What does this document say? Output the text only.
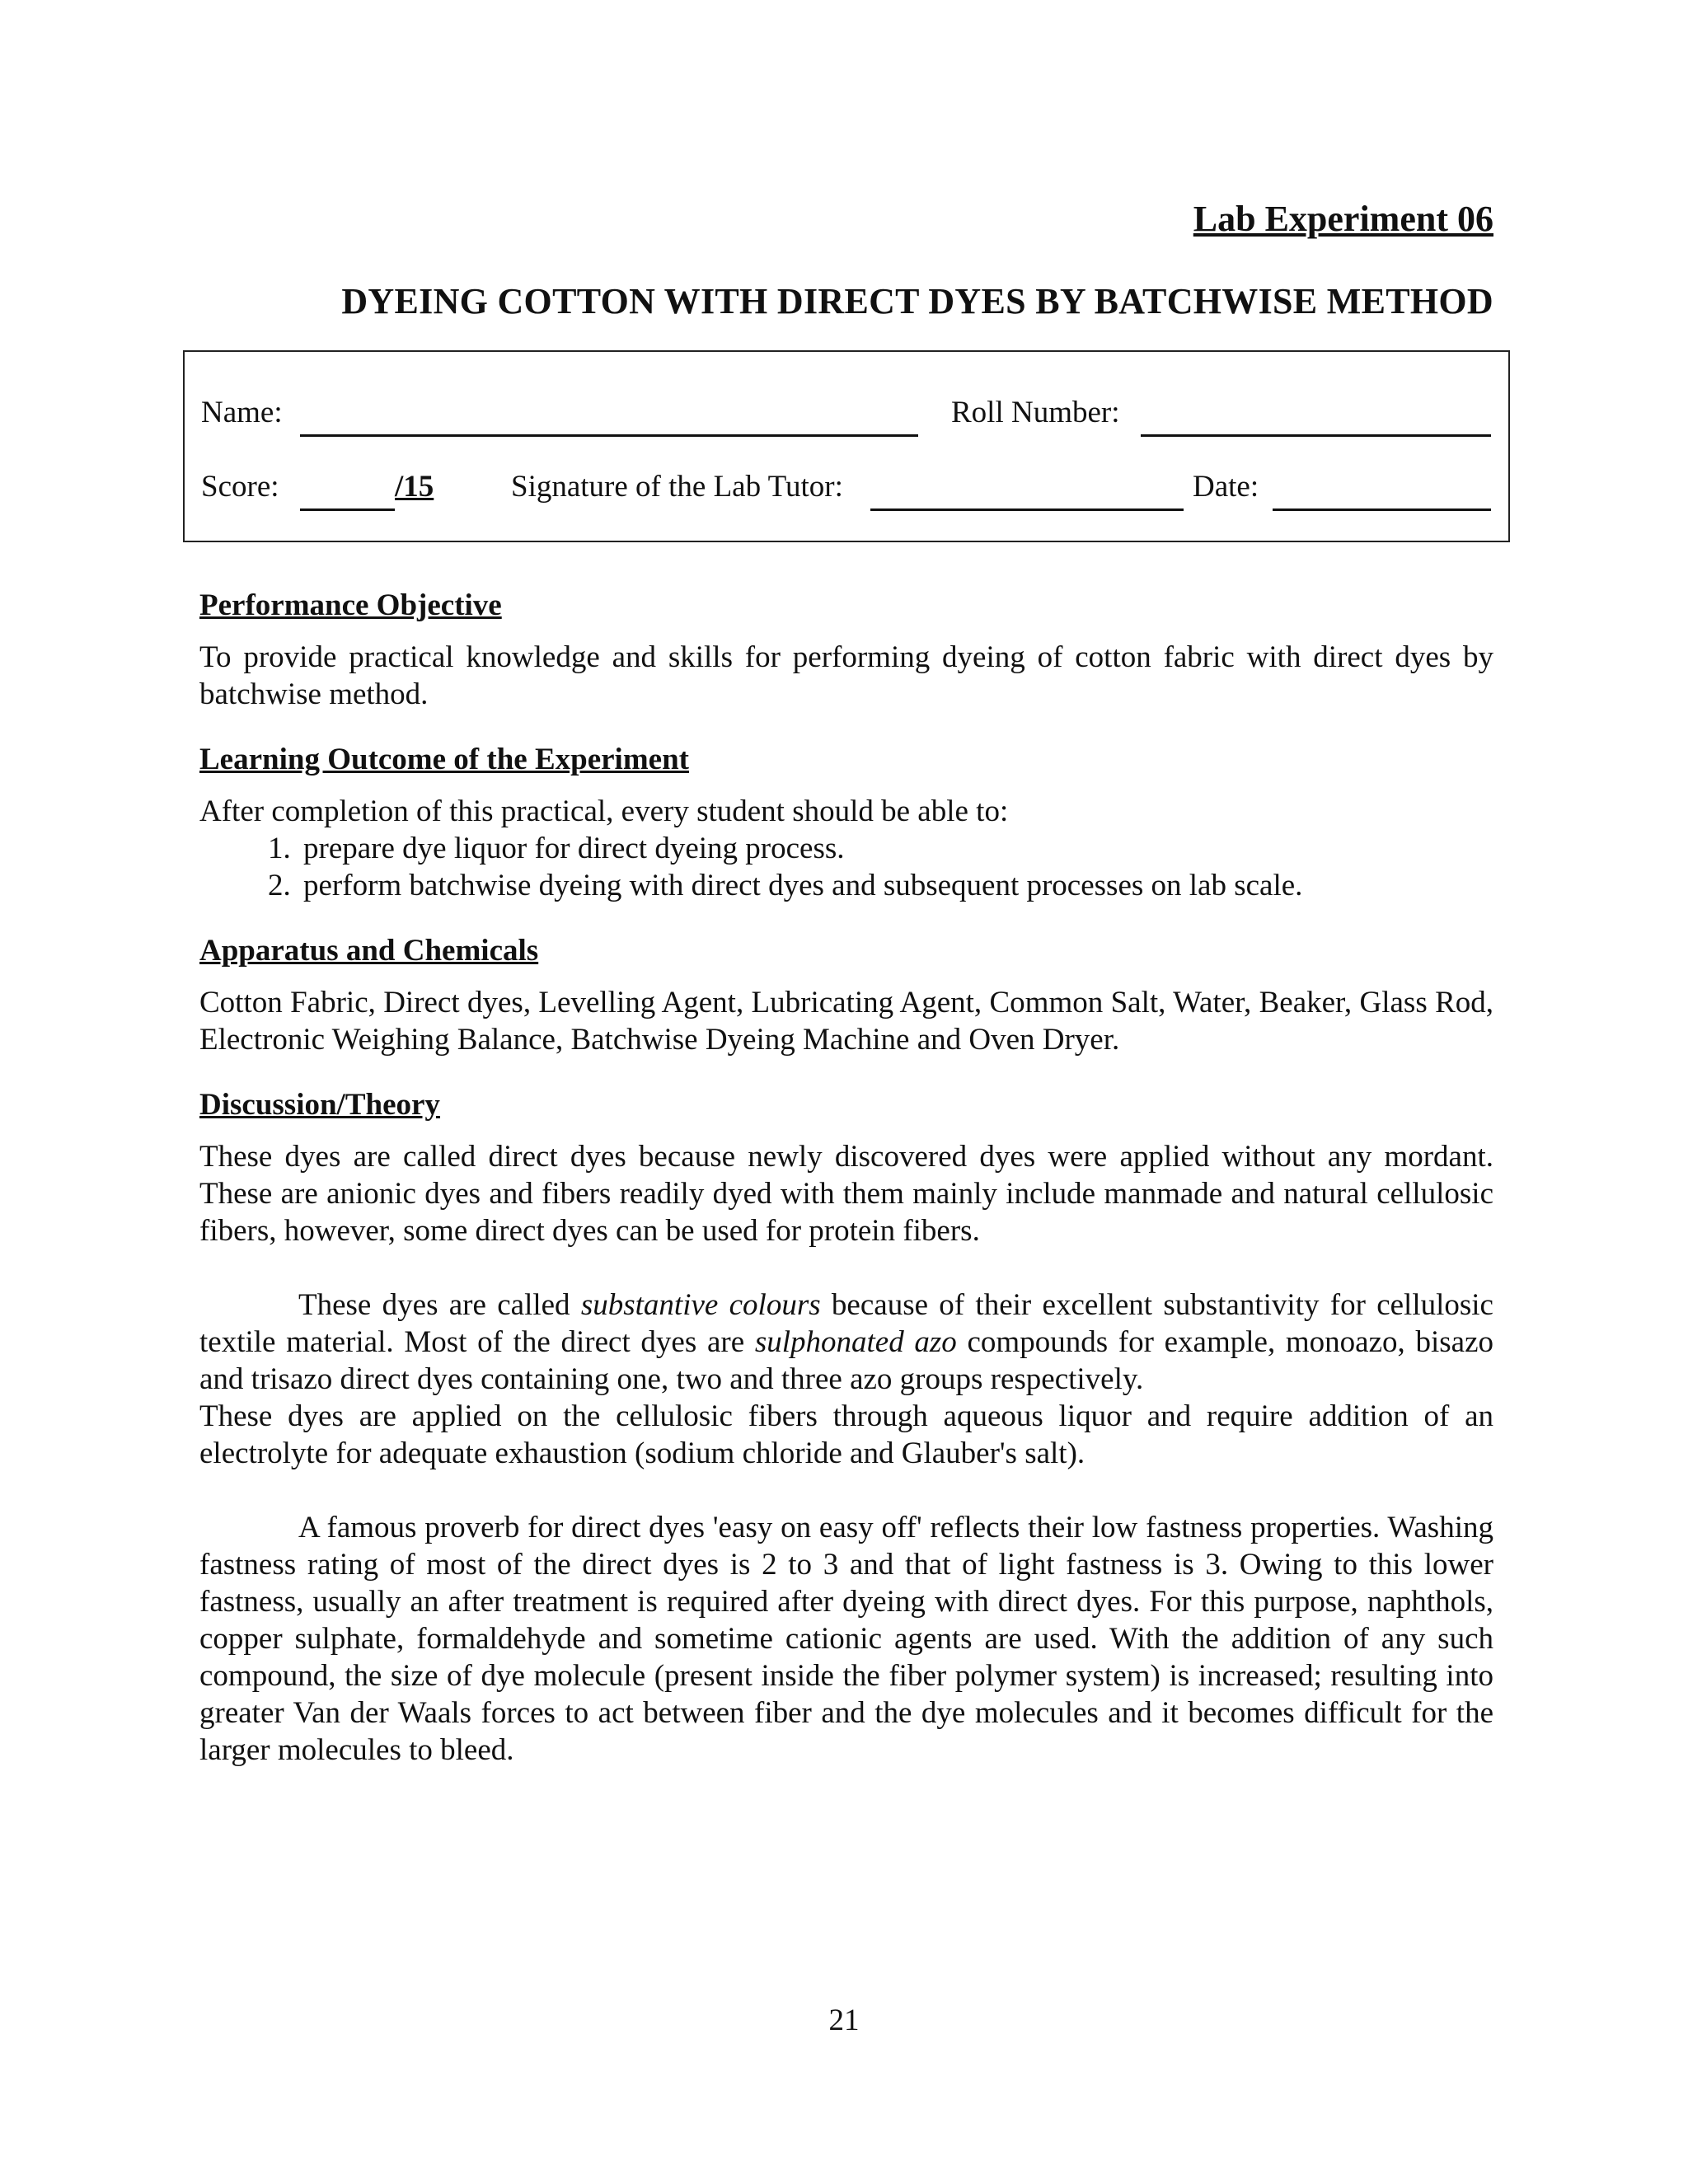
Lab Experiment 06
DYEING COTTON WITH DIRECT DYES BY BATCHWISE METHOD
Name:	Roll Number:
Score:	/15	Signature of the Lab Tutor:	Date:
Performance Objective

To provide practical knowledge and skills for performing dyeing of cotton fabric with direct dyes by batchwise method.

Learning Outcome of the Experiment

After completion of this practical, every student should be able to:

1. prepare dye liquor for direct dyeing process.
2. perform batchwise dyeing with direct dyes and subsequent processes on lab scale.
Apparatus and Chemicals

Cotton Fabric, Direct dyes, Levelling Agent, Lubricating Agent, Common Salt, Water, Beaker, Glass Rod, Electronic Weighing Balance, Batchwise Dyeing Machine and Oven Dryer.

Discussion/Theory

These dyes are called direct dyes because newly discovered dyes were applied without any mordant. These are anionic dyes and fibers readily dyed with them mainly include manmade and natural cellulosic fibers, however, some direct dyes can be used for protein fibers.

These dyes are called substantive colours because of their excellent substantivity for cellulosic textile material. Most of the direct dyes are sulphonated azo compounds for example, monoazo, bisazo and trisazo direct dyes containing one, two and three azo groups respectively.

These dyes are applied on the cellulosic fibers through aqueous liquor and require addition of an electrolyte for adequate exhaustion (sodium chloride and Glauber's salt).

A famous proverb for direct dyes 'easy on easy off' reflects their low fastness properties. Washing fastness rating of most of the direct dyes is 2 to 3 and that of light fastness is 3. Owing to this lower fastness, usually an after treatment is required after dyeing with direct dyes. For this purpose, naphthols, copper sulphate, formaldehyde and sometime cationic agents are used. With the addition of any such compound, the size of dye molecule (present inside the fiber polymer system) is increased; resulting into greater Van der Waals forces to act between fiber and the dye molecules and it becomes difficult for the larger molecules to bleed.

21
